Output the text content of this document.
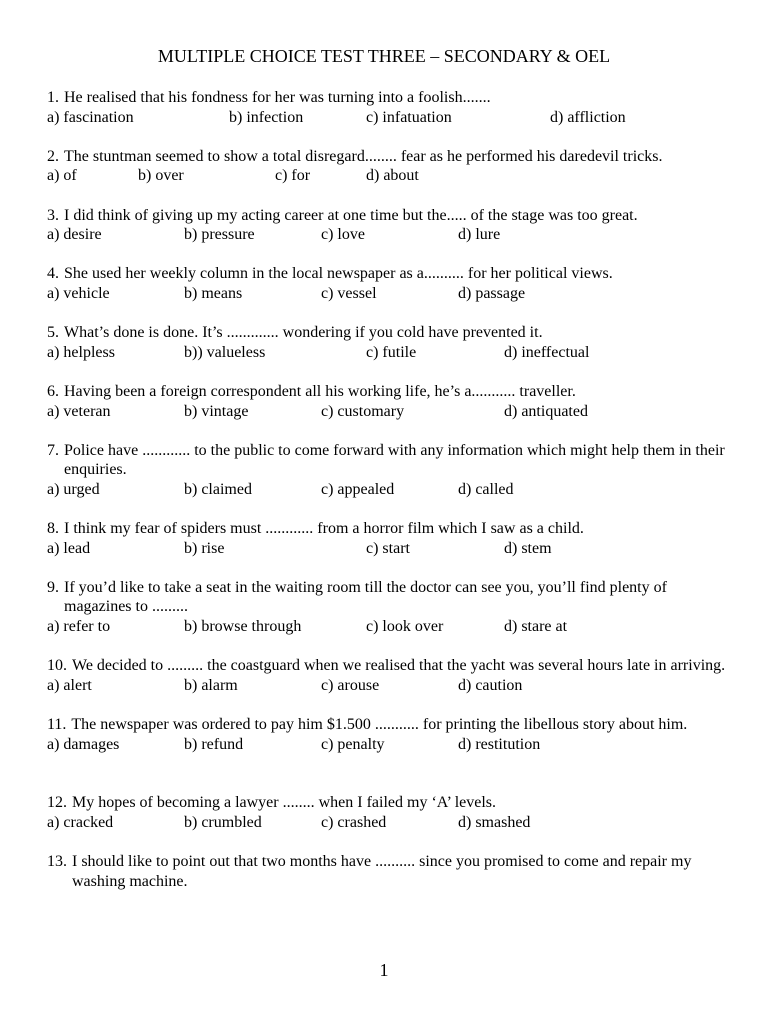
MULTIPLE CHOICE TEST THREE – SECONDARY & OEL
1. He realised that his fondness for her was turning into a foolish.......
a) fascination	b) infection	c) infatuation	d) affliction
2. The stuntman seemed to show a total disregard........ fear as he performed his daredevil tricks.
a) of	b) over	c) for	d) about
3. I did think of giving up my acting career at one time but the..... of the stage was too great.
a) desire	b) pressure	c) love	d) lure
4. She used her weekly column in the local newspaper as a.......... for her political views.
a) vehicle	b) means	c) vessel	d) passage
5. What’s done is done. It’s ............. wondering if you cold have prevented it.
a) helpless	b)) valueless	c) futile	d) ineffectual
6. Having been a foreign correspondent all his working life, he’s a........... traveller.
a) veteran	b) vintage	c) customary	d) antiquated
7. Police have ............ to the public to come forward with any information which might help them in their enquiries.
a) urged	b) claimed	c) appealed	d) called
8. I think my fear of spiders must ............ from a horror film which I saw as a child.
a) lead	b) rise	c) start	d) stem
9. If you’d like to take a seat in the waiting room till the doctor can see you, you’ll find plenty of magazines to .........
a) refer to	b) browse through	c) look over	d) stare at
10. We decided to ......... the coastguard when we realised that the yacht was several hours late in arriving.
a) alert	b) alarm	c) arouse	d) caution
11. The newspaper was ordered to pay him $1.500 ........... for printing the libellous story about him.
a) damages	b) refund	c) penalty	d) restitution
12. My hopes of becoming a lawyer ........ when I failed my ‘A’ levels.
a) cracked	b) crumbled	c) crashed	d) smashed
13. I should like to point out that two months have .......... since you promised to come and repair my washing machine.
1
